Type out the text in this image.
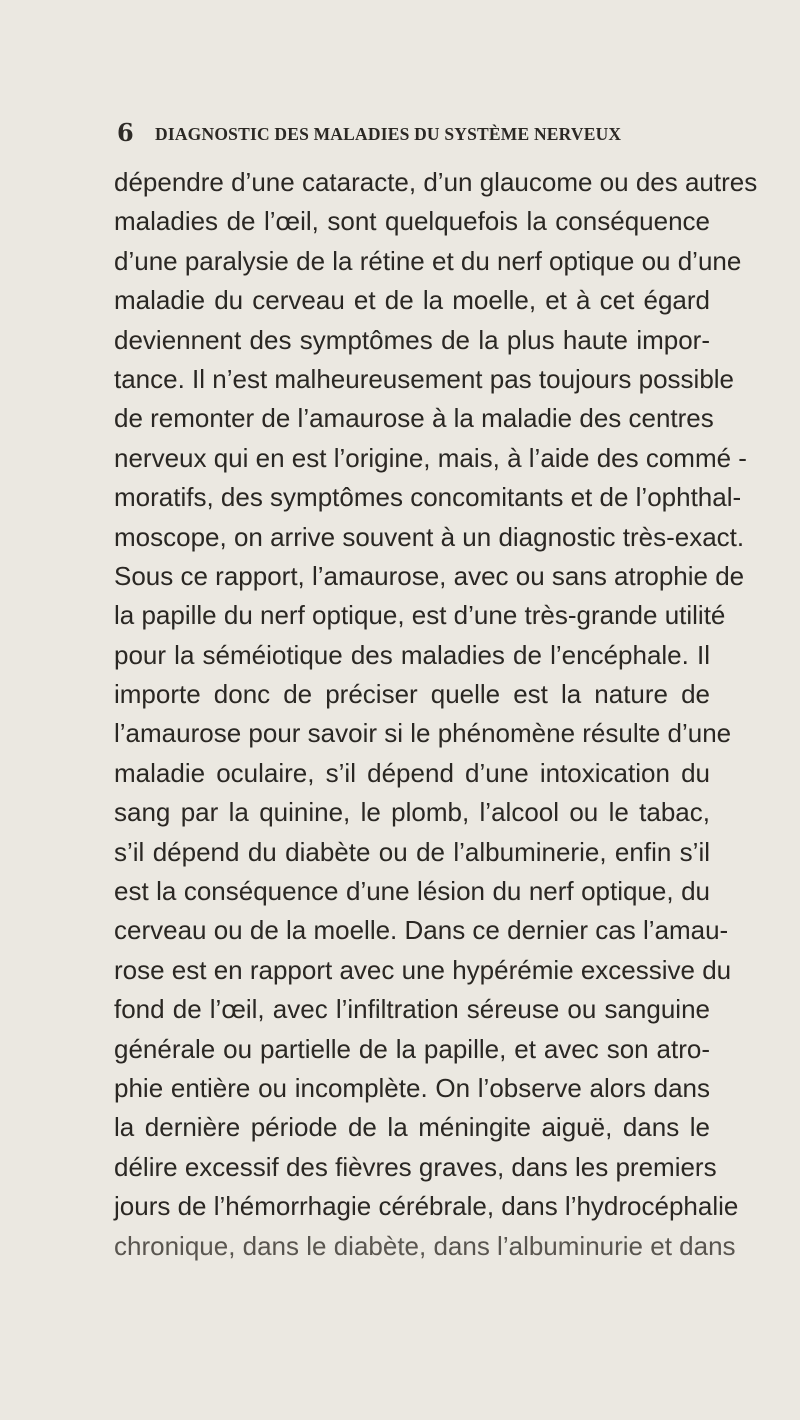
6 DIAGNOSTIC DES MALADIES DU SYSTÈME NERVEUX
dépendre d’une cataracte, d’un glaucome ou des autres
maladies de l’œil, sont quelquefois la conséquence
d’une paralysie de la rétine et du nerf optique ou d’une
maladie du cerveau et de la moelle, et à cet égard
deviennent des symptômes de la plus haute impor-
tance. Il n’est malheureusement pas toujours possible
de remonter de l’amaurose à la maladie des centres
nerveux qui en est l’origine, mais, à l’aide des commé -
moratifs, des symptômes concomitants et de l’ophthal-
moscope, on arrive souvent à un diagnostic très-exact.
Sous ce rapport, l’amaurose, avec ou sans atrophie de
la papille du nerf optique, est d’une très-grande utilité
pour la séméiotique des maladies de l’encéphale. Il
importe donc de préciser quelle est la nature de
l’amaurose pour savoir si le phénomène résulte d’une
maladie oculaire, s’il dépend d’une intoxication du
sang par la quinine, le plomb, l’alcool ou le tabac,
s’il dépend du diabète ou de l’albuminerie, enfin s’il
est la conséquence d’une lésion du nerf optique, du
cerveau ou de la moelle. Dans ce dernier cas l’amau-
rose est en rapport avec une hypérémie excessive du
fond de l’œil, avec l’infiltration séreuse ou sanguine
générale ou partielle de la papille, et avec son atro-
phie entière ou incomplète. On l’observe alors dans
la dernière période de la méningite aiguë, dans le
délire excessif des fièvres graves, dans les premiers
jours de l’hémorrhagie cérébrale, dans l’hydrocéphalie
chronique, dans le diabète, dans l’albuminurie et dans
